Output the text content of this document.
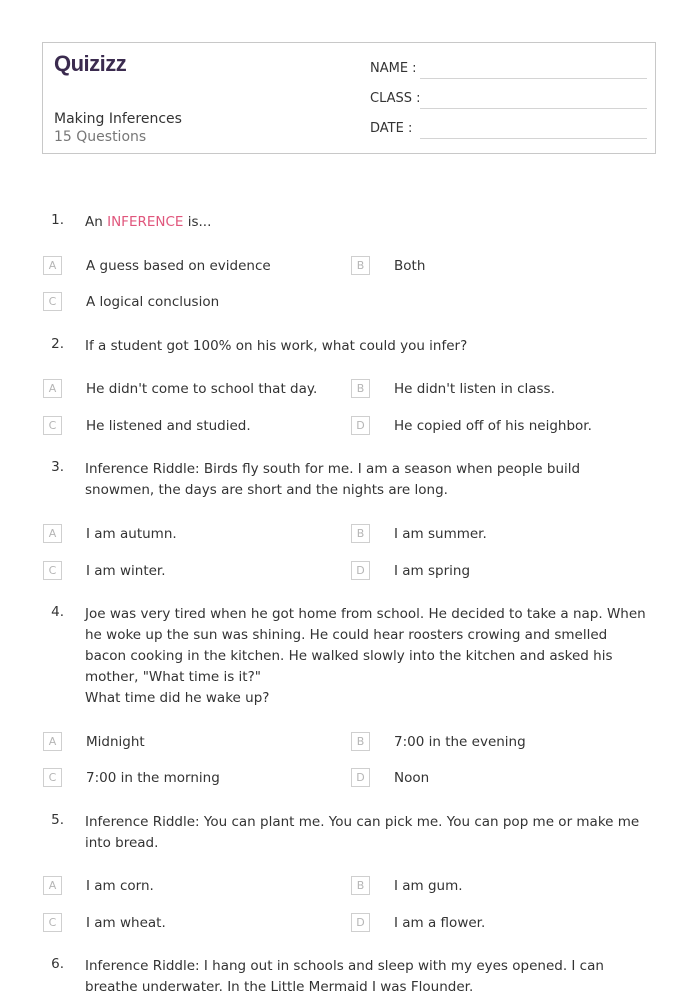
Quizizz
Making Inferences
15 Questions
NAME :
CLASS :
DATE :
1. An INFERENCE is...
A	A guess based on evidence	B	Both
C	A logical conclusion
2. If a student got 100% on his work, what could you infer?
A	He didn't come to school that day.	B	He didn't listen in class.
C	He listened and studied.	D	He copied off of his neighbor.
3. Inference Riddle: Birds fly south for me. I am a season when people build snowmen, the days are short and the nights are long.
A	I am autumn.	B	I am summer.
C	I am winter.	D	I am spring
4. Joe was very tired when he got home from school. He decided to take a nap. When he woke up the sun was shining. He could hear roosters crowing and smelled bacon cooking in the kitchen. He walked slowly into the kitchen and asked his mother, "What time is it?"
What time did he wake up?
A	Midnight	B	7:00 in the evening
C	7:00 in the morning	D	Noon
5. Inference Riddle: You can plant me. You can pick me. You can pop me or make me into bread.
A	I am corn.	B	I am gum.
C	I am wheat.	D	I am a flower.
6. Inference Riddle: I hang out in schools and sleep with my eyes opened. I can breathe underwater. In the Little Mermaid I was Flounder.
